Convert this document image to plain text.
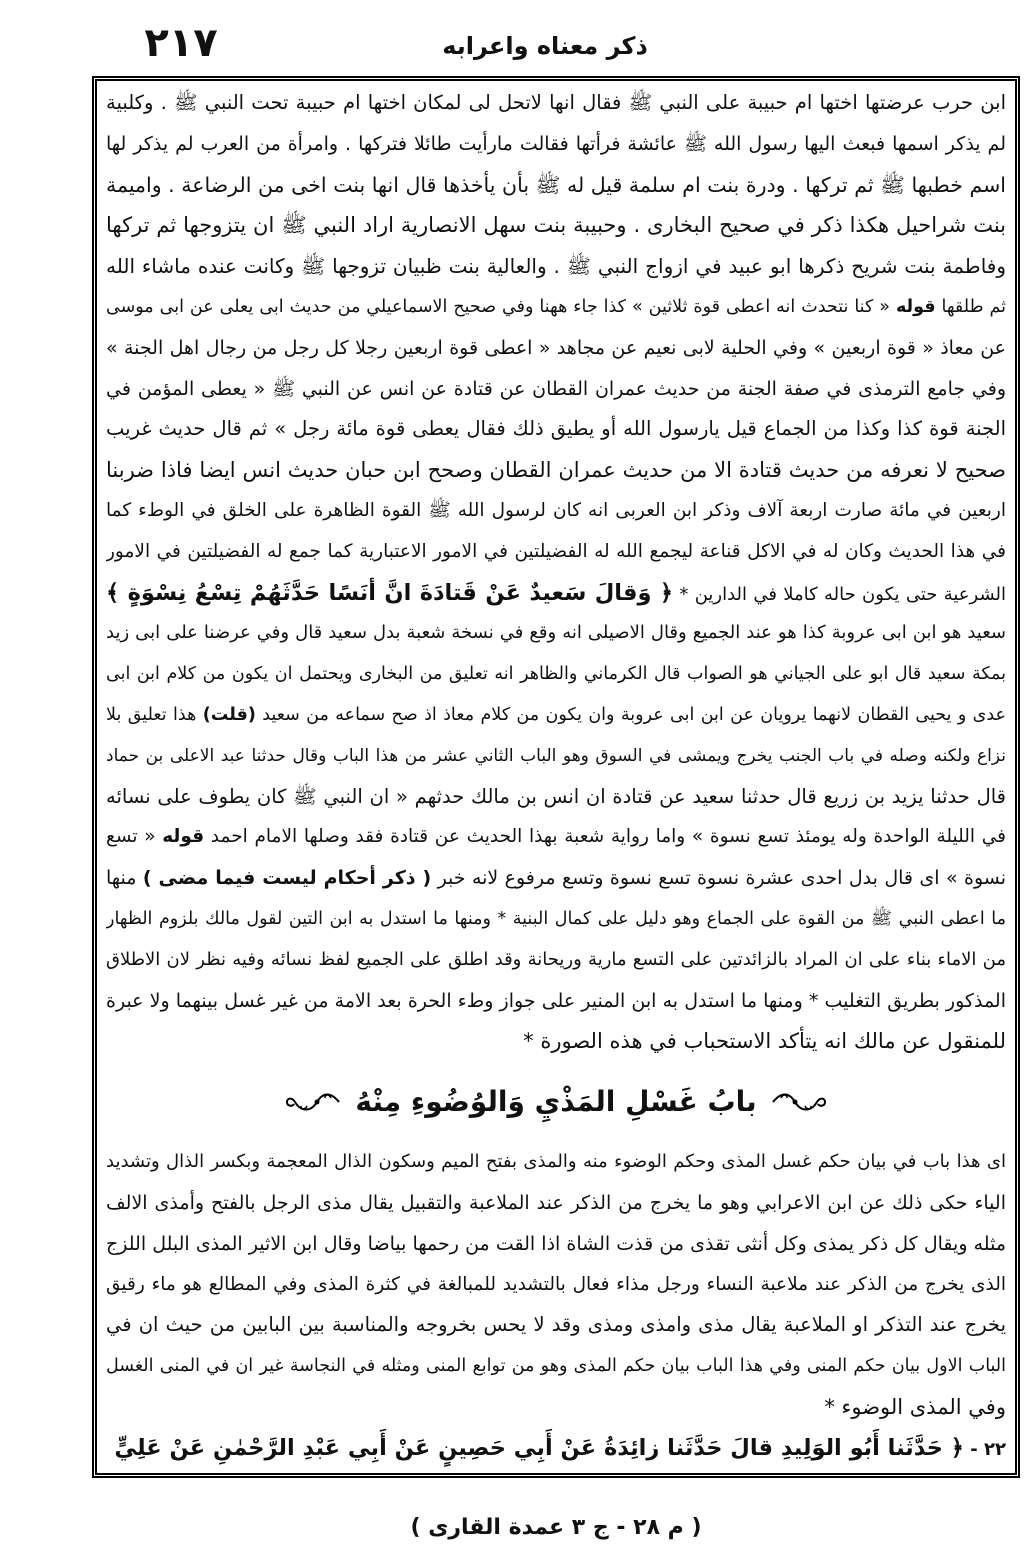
٢١٧	ذكر معناه واعرابه
ابن حرب عرضتها اختها ام حبيبة على النبي ﷺ فقال انها لاتحل لى لمكان اختها ام حبيبة تحت النبي ﷺ . وكلبية
لم يذكر اسمها فبعث اليها رسول الله ﷺ عائشة فرأتها فقالت مارأيت طائلا فتركها . وامرأة من العرب لم يذكر لها
اسم خطبها ﷺ ثم تركها . ودرة بنت ام سلمة قيل له ﷺ بأن يأخذها قال انها بنت اخى من الرضاعة . واميمة
بنت شراحيل هكذا ذكر في صحيح البخارى . وحبيبة بنت سهل الانصارية اراد النبي ﷺ ان يتزوجها ثم تركها
وفاطمة بنت شريح ذكرها ابو عبيد في ازواج النبي ﷺ . والعالية بنت ظبيان تزوجها ﷺ وكانت عنده ماشاء الله
ثم طلقها قوله « كنا نتحدث انه اعطى قوة ثلاثين » كذا جاء ههنا وفي صحيح الاسماعيلي من حديث ابى يعلى عن ابى موسى
عن معاذ « قوة اربعين » وفي الحلية لابى نعيم عن مجاهد « اعطى قوة اربعين رجلا كل رجل من رجال اهل الجنة »
وفي جامع الترمذى في صفة الجنة من حديث عمران القطان عن قتادة عن انس عن النبي ﷺ « يعطى المؤمن في
الجنة قوة كذا وكذا من الجماع قيل يارسول الله أو يطيق ذلك فقال يعطى قوة مائة رجل » ثم قال حديث غريب
صحيح لا نعرفه من حديث قتادة الا من حديث عمران القطان وصحح ابن حبان حديث انس ايضا فاذا ضربنا
اربعين في مائة صارت اربعة آلاف وذكر ابن العربى انه كان لرسول الله ﷺ القوة الظاهرة على الخلق في الوطء كما
في هذا الحديث وكان له في الاكل قناعة ليجمع الله له الفضيلتين في الامور الاعتبارية كما جمع له الفضيلتين في الامور
الشرعية حتى يكون حاله كاملا في الدارين * ﴿ وَقالَ سَعيدٌ عَنْ قَتادَةَ انَّ أنَسًا حَدَّثَهُمْ تِسْعُ نِسْوَةٍ ﴾
سعيد هو ابن ابى عروبة كذا هو عند الجميع وقال الاصيلى انه وقع في نسخة شعبة بدل سعيد قال وفي عرضنا على ابى زيد
بمكة سعيد قال ابو على الجياني هو الصواب قال الكرماني والظاهر انه تعليق من البخارى ويحتمل ان يكون من كلام ابن ابى
عدى و يحيى القطان لانهما يرويان عن ابن ابى عروبة وان يكون من كلام معاذ اذ صح سماعه من سعيد (قلت) هذا تعليق بلا
نزاع ولكنه وصله في باب الجنب يخرج ويمشى في السوق وهو الباب الثاني عشر من هذا الباب وقال حدثنا عبد الاعلى بن حماد
قال حدثنا يزيد بن زريع قال حدثنا سعيد عن قتادة ان انس بن مالك حدثهم « ان النبي ﷺ كان يطوف على نسائه
في الليلة الواحدة وله يومئذ تسع نسوة » واما رواية شعبة بهذا الحديث عن قتادة فقد وصلها الامام احمد قوله « تسع
نسوة » اى قال بدل احدى عشرة نسوة تسع نسوة وتسع مرفوع لانه خبر ( ذكر أحكام ليست فيما مضى ) منها
ما اعطى النبي ﷺ من القوة على الجماع وهو دليل على كمال البنية * ومنها ما استدل به ابن التين لقول مالك بلزوم الظهار
من الاماء بناء على ان المراد بالزائدتين على التسع مارية وريحانة وقد اطلق على الجميع لفظ نسائه وفيه نظر لان الاطلاق
المذكور بطريق التغليب * ومنها ما استدل به ابن المنير على جواز وطء الحرة بعد الامة من غير غسل بينهما ولا عبرة
للمنقول عن مالك انه يتأكد الاستحباب في هذه الصورة *
بابُ غَسْلِ المَذْيِ وَالوُضُوءِ مِنْهُ
اى هذا باب في بيان حكم غسل المذى وحكم الوضوء منه والمذى بفتح الميم وسكون الذال المعجمة وبكسر الذال وتشديد
الياء حكى ذلك عن ابن الاعرابي وهو ما يخرج من الذكر عند الملاعبة والتقبيل يقال مذى الرجل بالفتح وأمذى الالف
مثله ويقال كل ذكر يمذى وكل أنثى تقذى من قذت الشاة اذا القت من رحمها بياضا وقال ابن الاثير المذى البلل اللزج
الذى يخرج من الذكر عند ملاعبة النساء ورجل مذاء فعال بالتشديد للمبالغة في كثرة المذى وفي المطالع هو ماء رقيق
يخرج عند التذكر او الملاعبة يقال مذى وامذى ومذى وقد لا يحس بخروجه والمناسبة بين البابين من حيث ان في
الباب الاول بيان حكم المنى وفي هذا الباب بيان حكم المذى وهو من توابع المنى ومثله في النجاسة غير ان في المنى الغسل
وفي المذى الوضوء *
٢٢ - ﴿ حَدَّثَنا أَبُو الوَلِيدِ قالَ حَدَّثَنا زائِدَةُ عَنْ أَبِي حَصِينٍ عَنْ أَبِي عَبْدِ الرَّحْمٰنِ عَنْ عَلِيٍّ
( م ٢٨ - ج ٣ عمدة القارى )
